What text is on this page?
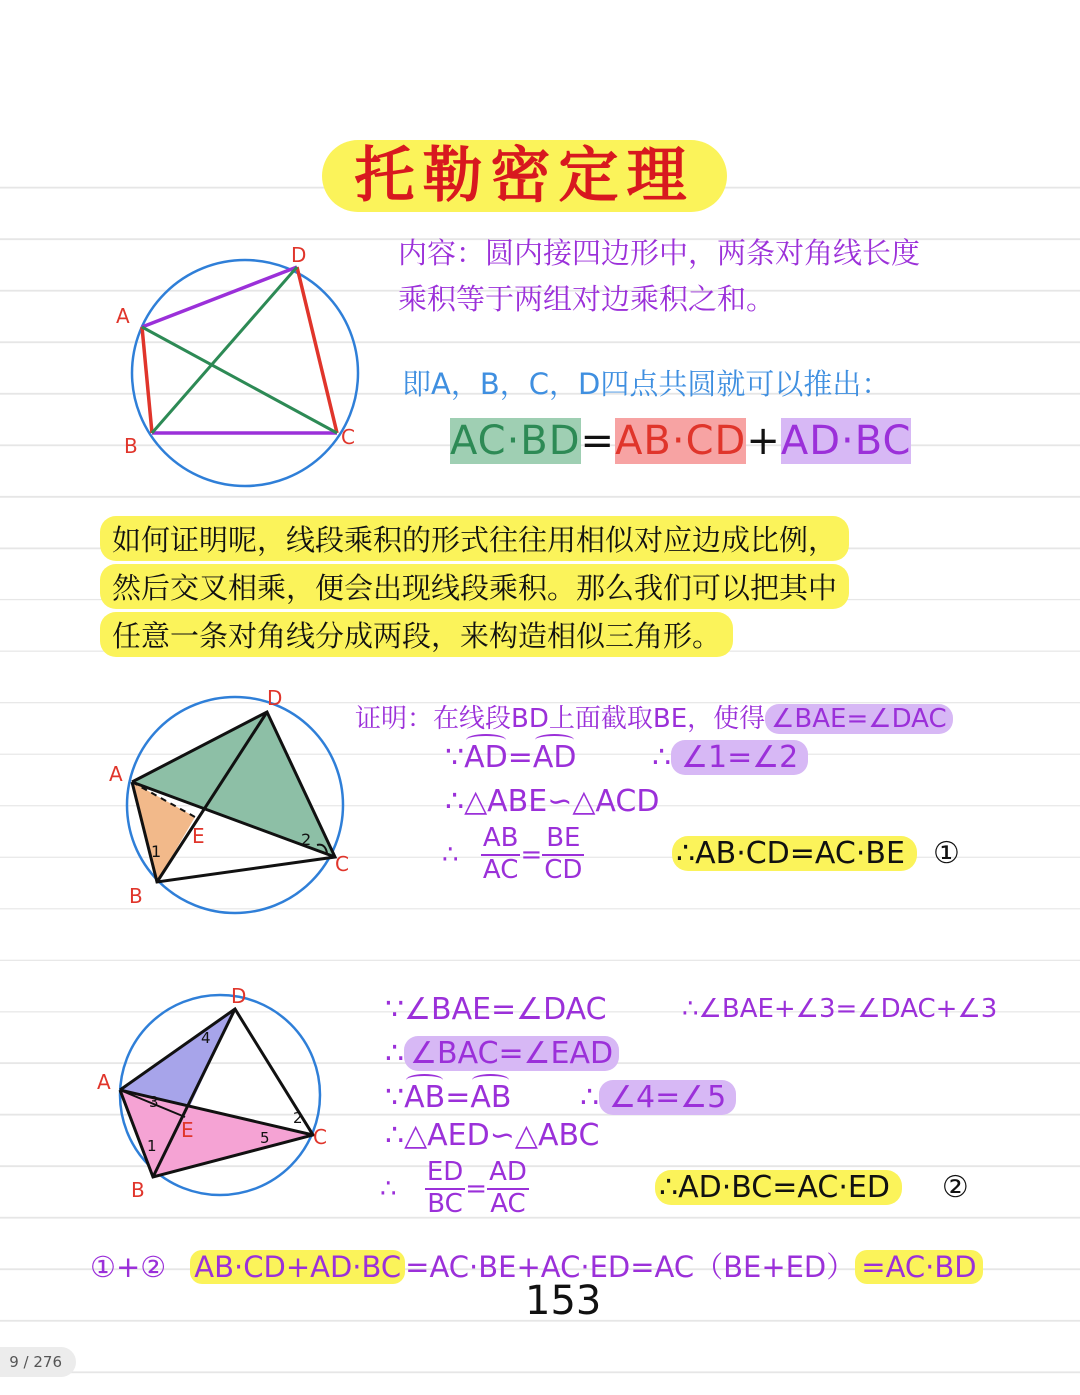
托勒密定理
A
B	C
D	内容：圆内接四边形中，两条对角线长度
乘积等于两组对边乘积之和。
即A，B，C，D四点共圆就可以推出：
AC·BD=AB·CD+AD·BC
如何证明呢，线段乘积的形式往往用相似对应边成比例，
然后交叉相乘，便会出现线段乘积。那么我们可以把其中
任意一条对角线分成两段，来构造相似三角形。
A
B
C
D
E
1
2
证明：在线段BD上面截取BE，使得 ∠BAE=∠DAC
∵AD=AD	∴ ∠1=∠2
∴△ABE∽△ACD
∴ $\frac{AB}{AC} = \frac{BE}{CD}$	∴AB·CD=AC·BE ①
A
B
C
D
E
1
2
3
4
5
∵∠BAE=∠DAC	∴∠BAE+∠3=∠DAC+∠3
∴ ∠BAC=∠EAD
∵AB=AB ∴ ∠4=∠5
∴△AED∽△ABC
∴ $\frac{ED}{BC} = \frac{AD}{AC}$	∴AD·BC=AC·ED ②
①+② AB·CD+AD·BC =AC·BE+AC·ED=AC（BE+ED） =AC·BD
153
9 / 276
